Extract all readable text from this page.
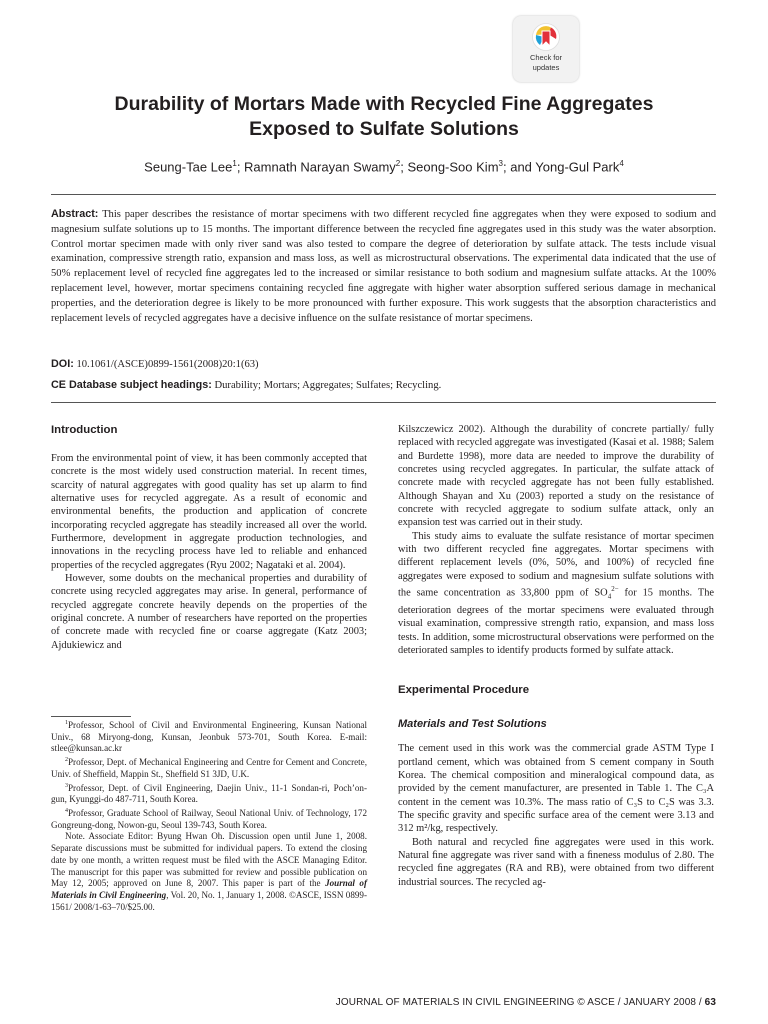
Check for
updates
Durability of Mortars Made with Recycled Fine Aggregates
Exposed to Sulfate Solutions
Seung-Tae Lee$^1$; Ramnath Narayan Swamy$^2$; Seong-Soo Kim$^3$; and Yong-Gul Park$^4$
Abstract: This paper describes the resistance of mortar specimens with two different recycled ﬁne aggregates when they were exposed to sodium and magnesium sulfate solutions up to 15 months. The important difference between the recycled ﬁne aggregates used in this study was the water absorption. Control mortar specimen made with only river sand was also tested to compare the degree of deterioration by sulfate attack. The tests include visual examination, compressive strength ratio, expansion and mass loss, as well as microstructural observations. The experimental data indicated that the use of 50% replacement level of recycled ﬁne aggregates led to the increased or similar resistance to both sodium and magnesium sulfate attacks. At the 100% replacement level, however, mortar specimens containing recycled ﬁne aggregate with higher water absorption suffered serious damage in mechanical properties, and the deterioration degree is likely to be more pronounced with further exposure. This work suggests that the absorption characteristics and replacement levels of recycled aggregates have a decisive inﬂuence on the sulfate resistance of mortar specimens.
DOI: 10.1061/(ASCE)0899-1561(2008)20:1(63)
CE Database subject headings: Durability; Mortars; Aggregates; Sulfates; Recycling.
Introduction

From the environmental point of view, it has been commonly accepted that concrete is the most widely used construction material. In recent times, scarcity of natural aggregates with good quality has set up alarm to ﬁnd alternative uses for recycled aggregate. As a result of economic and environmental beneﬁts, the production and application of concrete incorporating recycled aggregate has steadily increased all over the world. Furthermore, development in aggregate production technologies, and innovations in the recycling process have led to reliable and enhanced properties of the recycled aggregates (Ryu 2002; Nagataki et al. 2004).

However, some doubts on the mechanical properties and durability of concrete using recycled aggregates may arise. In general, performance of recycled aggregate concrete heavily depends on the properties of the original concrete. A number of researchers have reported on the properties of concrete made with recycled ﬁne or coarse aggregate (Katz 2003; Ajdukiewicz and

$^1$Professor, School of Civil and Environmental Engineering, Kunsan National Univ., 68 Miryong-dong, Kunsan, Jeonbuk 573-701, South Korea. E-mail: stlee@kunsan.ac.kr

$^2$Professor, Dept. of Mechanical Engineering and Centre for Cement and Concrete, Univ. of Shefﬁeld, Mappin St., Shefﬁeld S1 3JD, U.K.

$^3$Professor, Dept. of Civil Engineering, Daejin Univ., 11-1 Sondan-ri, Poch’on-gun, Kyunggi-do 487-711, South Korea.

$^4$Professor, Graduate School of Railway, Seoul National Univ. of Technology, 172 Gongreung-dong, Nowon-gu, Seoul 139-743, South Korea.

Note. Associate Editor: Byung Hwan Oh. Discussion open until June 1, 2008. Separate discussions must be submitted for individual papers. To extend the closing date by one month, a written request must be ﬁled with the ASCE Managing Editor. The manuscript for this paper was submitted for review and possible publication on May 12, 2005; approved on June 8, 2007. This paper is part of the Journal of Materials in Civil Engineering, Vol. 20, No. 1, January 1, 2008. ©ASCE, ISSN 0899-1561/ 2008/1-63–70/$25.00.

Kilszczewicz 2002). Although the durability of concrete partially/ fully replaced with recycled aggregate was investigated (Kasai et al. 1988; Salem and Burdette 1998), more data are needed to improve the durability of concretes using recycled aggregates. In particular, the sulfate attack of concrete made with recycled aggregate has not been fully established. Although Shayan and Xu (2003) reported a study on the resistance of concrete with recycled aggregate to sodium sulfate attack, only an expansion test was carried out in their study.

This study aims to evaluate the sulfate resistance of mortar specimen with two different recycled ﬁne aggregates. Mortar specimens with different replacement levels (0%, 50%, and 100%) of recycled ﬁne aggregates were exposed to sodium and magnesium sulfate solutions with the same concentration as 33,800 ppm of $SO_4^{2-}$ for 15 months. The deterioration degrees of the mortar specimens were evaluated through visual examination, compressive strength ratio, expansion, and mass loss tests. In addition, some microstructural observations were performed on the deteriorated samples to identify products formed by sulfate attack.

Experimental Procedure
Materials and Test Solutions

The cement used in this work was the commercial grade ASTM Type I portland cement, which was obtained from S cement company in South Korea. The chemical composition and mineralogical compound data, as provided by the cement manufacturer, are presented in Table 1. The C₃A content in the cement was 10.3%. The mass ratio of C₃S to C₂S was 3.3. The speciﬁc gravity and speciﬁc surface area of the cement were 3.13 and 312 m²/kg, respectively.

Both natural and recycled ﬁne aggregates were used in this work. Natural ﬁne aggregate was river sand with a ﬁneness modulus of 2.80. The recycled ﬁne aggregates (RA and RB), were obtained from two different industrial sources. The recycled ag-

JOURNAL OF MATERIALS IN CIVIL ENGINEERING © ASCE / JANUARY 2008 / 63
